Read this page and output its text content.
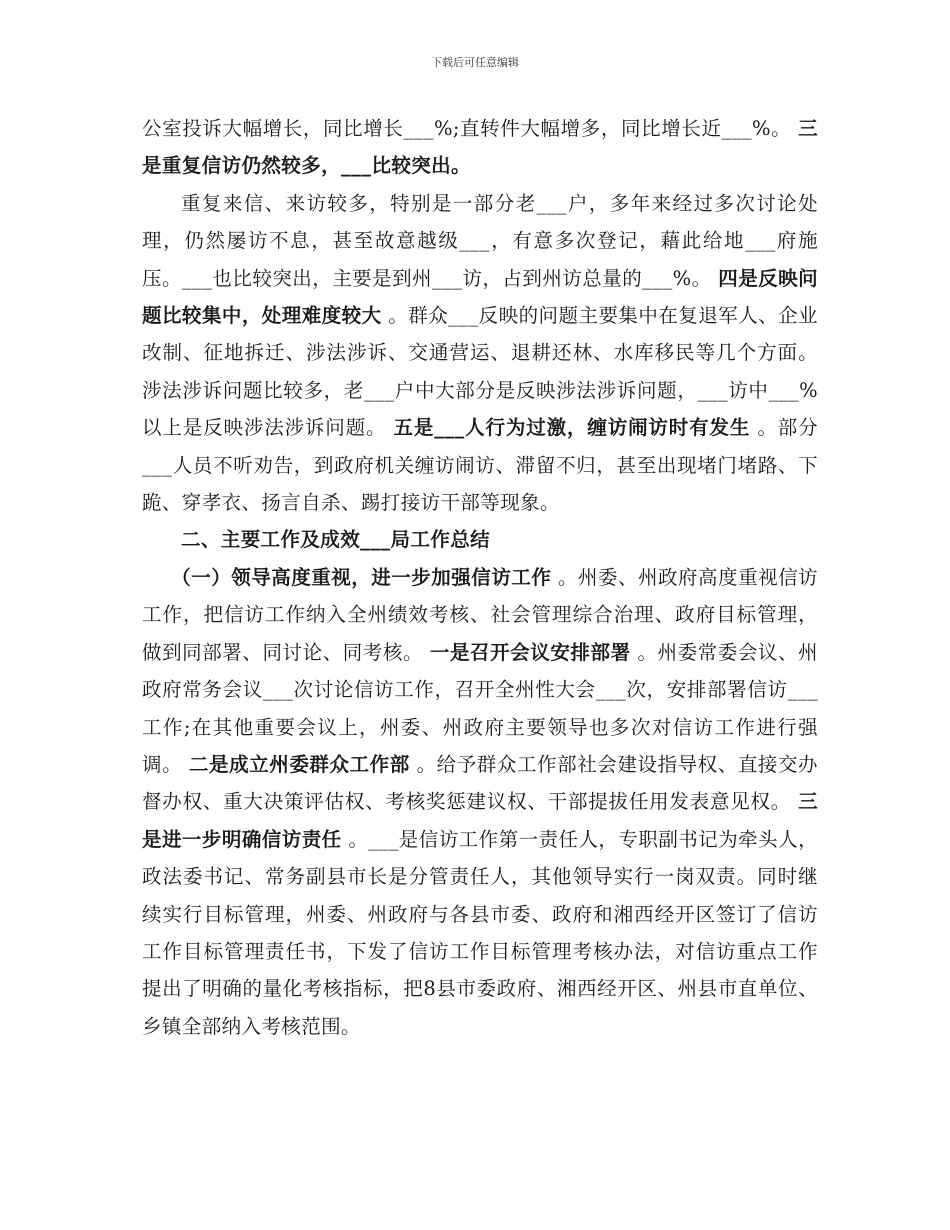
下载后可任意编辑

公室投诉大幅增长，同比增长___%;直转件大幅增多，同比增长近___%。 三是重复信访仍然较多，___比较突出。

重复来信、来访较多，特别是一部分老___户，多年来经过多次讨论处理，仍然屡访不息，甚至故意越级___，有意多次登记，藉此给地___府施压。___也比较突出，主要是到州___访，占到州访总量的___%。 四是反映问题比较集中，处理难度较大 。群众___反映的问题主要集中在复退军人、企业改制、征地拆迁、涉法涉诉、交通营运、退耕还林、水库移民等几个方面。涉法涉诉问题比较多，老___户中大部分是反映涉法涉诉问题，___访中___%以上是反映涉法涉诉问题。 五是___人行为过激，缠访闹访时有发生 。部分___人员不听劝告，到政府机关缠访闹访、滞留不归，甚至出现堵门堵路、下跪、穿孝衣、扬言自杀、踢打接访干部等现象。

二、主要工作及成效___局工作总结

（一）领导高度重视，进一步加强信访工作 。州委、州政府高度重视信访工作，把信访工作纳入全州绩效考核、社会管理综合治理、政府目标管理，做到同部署、同讨论、同考核。 一是召开会议安排部署 。州委常委会议、州政府常务会议___次讨论信访工作，召开全州性大会___次，安排部署信访___工作;在其他重要会议上，州委、州政府主要领导也多次对信访工作进行强调。 二是成立州委群众工作部 。给予群众工作部社会建设指导权、直接交办督办权、重大决策评估权、考核奖惩建议权、干部提拔任用发表意见权。 三是进一步明确信访责任 。___是信访工作第一责任人，专职副书记为牵头人，政法委书记、常务副县市长是分管责任人，其他领导实行一岗双责。同时继续实行目标管理，州委、州政府与各县市委、政府和湘西经开区签订了信访工作目标管理责任书，下发了信访工作目标管理考核办法，对信访重点工作提出了明确的量化考核指标，把8县市委政府、湘西经开区、州县市直单位、乡镇全部纳入考核范围。
